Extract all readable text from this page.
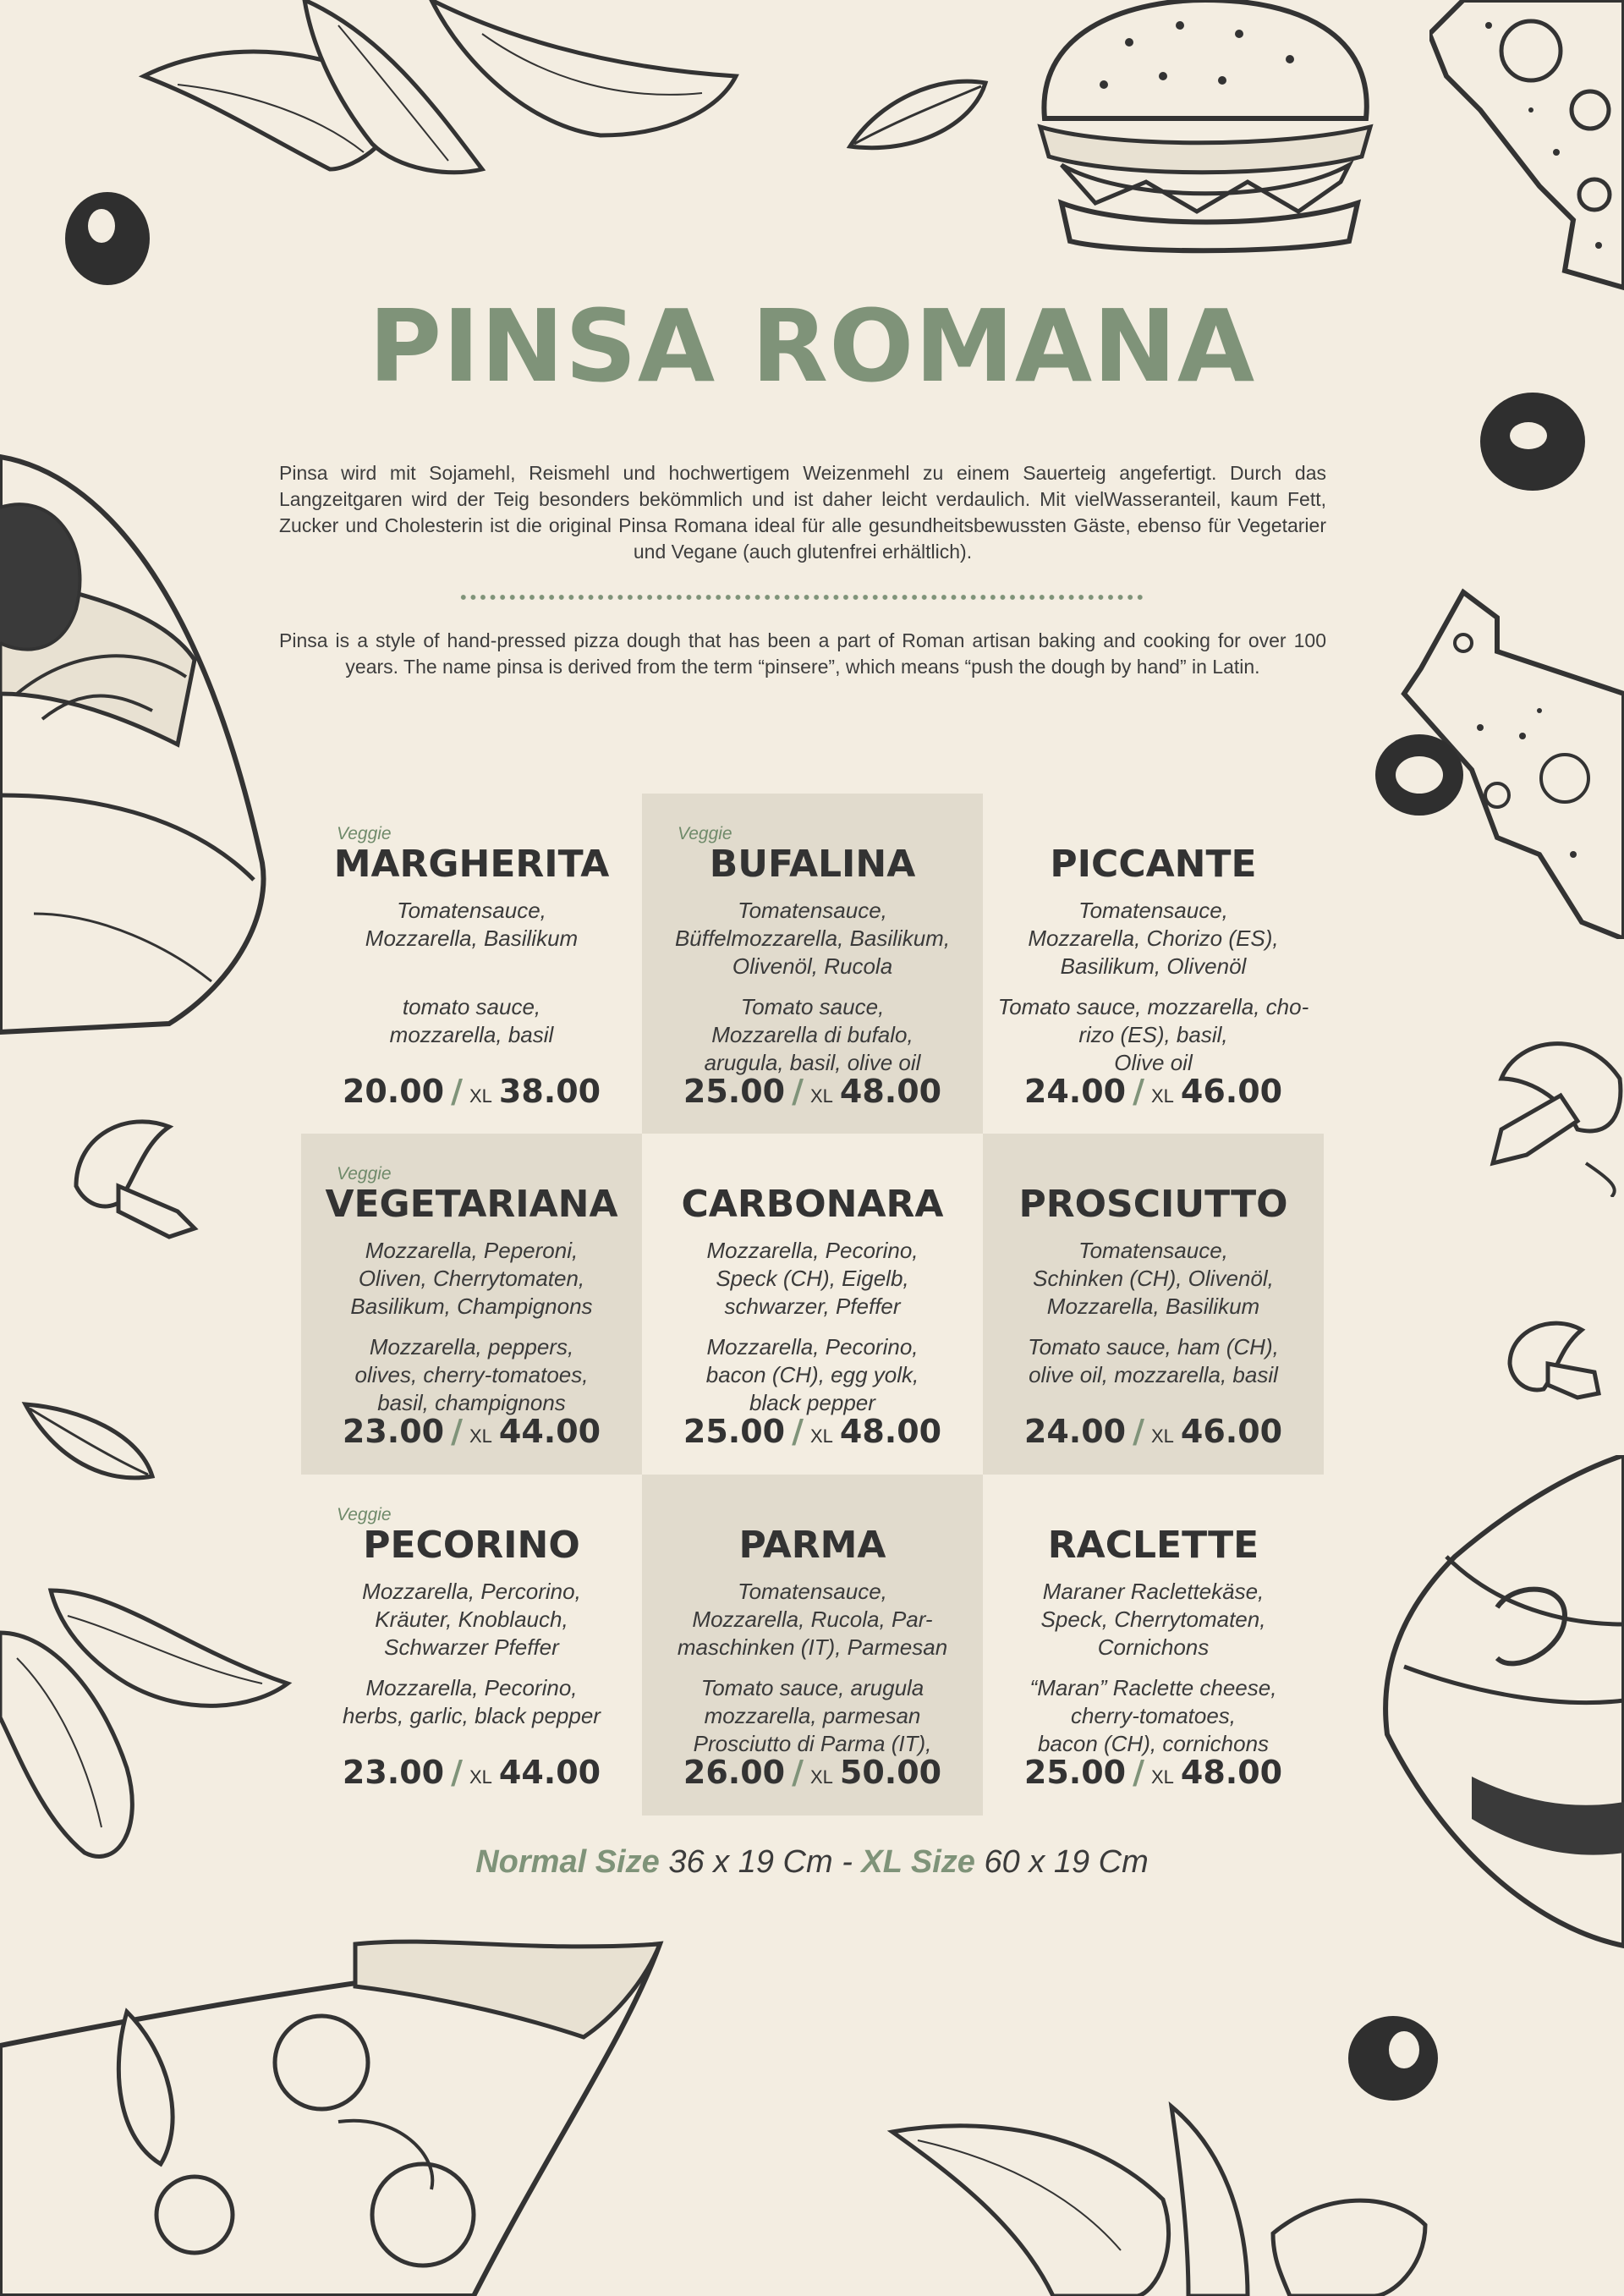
PINSA ROMANA
Pinsa wird mit Sojamehl, Reismehl und hochwertigem Weizenmehl zu einem Sauerteig angefertigt. Durch das Langzeitgaren wird der Teig besonders bekömmlich und ist daher leicht verdaulich. Mit vielWasseranteil, kaum Fett, Zucker und Cholesterin ist die original Pinsa Romana ideal für alle gesundheitsbewussten Gäste, ebenso für Vegetarier und Vegane (auch glutenfrei erhältlich).
Pinsa is a style of hand-pressed pizza dough that has been a part of Roman artisan baking and cooking for over 100 years. The name pinsa is derived from the term “pinsere”, which means “push the dough by hand” in Latin.
Veggie
MARGHERITA
Tomatensauce,
Mozzarella, Basilikum
tomato sauce,
mozzarella, basil
20.00 / XL 38.00
Veggie
BUFALINA
Tomatensauce,
Büffelmozzarella, Basilikum,
Olivenöl, Rucola
Tomato sauce,
Mozzarella di bufalo,
arugula, basil, olive oil
25.00 / XL 48.00
PICCANTE
Tomatensauce,
Mozzarella, Chorizo (ES),
Basilikum, Olivenöl
Tomato sauce, mozzarella, cho-
rizo (ES), basil,
Olive oil
24.00 / XL 46.00
Veggie
VEGETARIANA
Mozzarella, Peperoni,
Oliven, Cherrytomaten,
Basilikum, Champignons
Mozzarella, peppers,
olives, cherry-tomatoes,
basil, champignons
23.00 / XL 44.00
CARBONARA
Mozzarella, Pecorino,
Speck (CH), Eigelb,
schwarzer, Pfeffer
Mozzarella, Pecorino,
bacon (CH), egg yolk,
black pepper
25.00 / XL 48.00
PROSCIUTTO
Tomatensauce,
Schinken (CH), Olivenöl,
Mozzarella, Basilikum
Tomato sauce, ham (CH),
olive oil, mozzarella, basil
24.00 / XL 46.00
Veggie
PECORINO
Mozzarella, Percorino,
Kräuter, Knoblauch,
Schwarzer Pfeffer
Mozzarella, Pecorino,
herbs, garlic, black pepper
23.00 / XL 44.00
PARMA
Tomatensauce,
Mozzarella, Rucola, Par-
maschinken (IT), Parmesan
Tomato sauce, arugula
mozzarella, parmesan
Prosciutto di Parma (IT),
26.00 / XL 50.00
RACLETTE
Maraner Raclettekäse,
Speck, Cherrytomaten,
Cornichons
“Maran” Raclette cheese,
cherry-tomatoes,
bacon (CH), cornichons
25.00 / XL 48.00
Normal Size 36 x 19 Cm - XL Size 60 x 19 Cm
